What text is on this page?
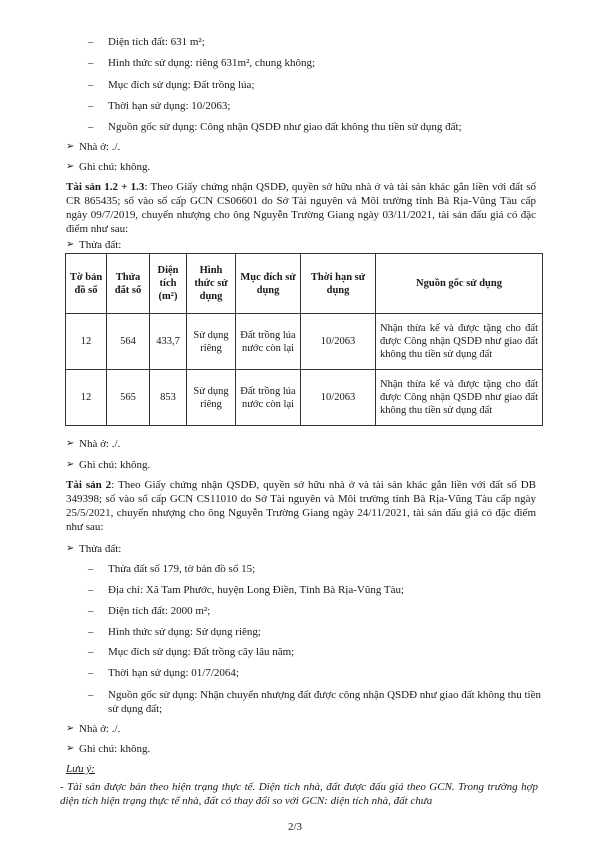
– Diện tích đất: 631 m²;
– Hình thức sử dụng: riêng 631m², chung không;
– Mục đích sử dụng: Đất trồng lúa;
– Thời hạn sử dụng: 10/2063;
– Nguồn gốc sử dụng: Công nhận QSDĐ như giao đất không thu tiền sử dụng đất;
➢ Nhà ở: ./.
➢ Ghi chú: không.
Tài sản 1.2 + 1.3: Theo Giấy chứng nhận QSDĐ, quyền sở hữu nhà ở và tài sản khác gắn liền với đất số CR 865435; số vào sổ cấp GCN CS06601 do Sở Tài nguyên và Môi trường tỉnh Bà Rịa-Vũng Tàu cấp ngày 09/7/2019, chuyển nhượng cho ông Nguyễn Trường Giang ngày 03/11/2021, tài sản đấu giá có đặc điểm như sau:
➢ Thửa đất:
Tờ bản đồ số	Thửa đất số	Diện tích (m²)	Hình thức sử dụng	Mục đích sử dụng	Thời hạn sử dụng	Nguồn gốc sử dụng
12	564	433,7	Sử dụng riêng	Đất trồng lúa nước còn lại	10/2063	Nhận thừa kế và được tặng cho đất được Công nhận QSDĐ như giao đất không thu tiền sử dụng đất
12	565	853	Sử dụng riêng	Đất trồng lúa nước còn lại	10/2063	Nhận thừa kế và được tặng cho đất được Công nhận QSDĐ như giao đất không thu tiền sử dụng đất
➢ Nhà ở: ./.
➢ Ghi chú: không.
Tài sản 2: Theo Giấy chứng nhận QSDĐ, quyền sở hữu nhà ở và tài sản khác gắn liền với đất số DB 349398; số vào sổ cấp GCN CS11010 do Sở Tài nguyên và Môi trường tỉnh Bà Rịa-Vũng Tàu cấp ngày 25/5/2021, chuyển nhượng cho ông Nguyễn Trường Giang ngày 24/11/2021, tài sản đấu giá có đặc điểm như sau:
➢ Thửa đất:
– Thửa đất số 179, tờ bản đồ số 15;
– Địa chỉ: Xã Tam Phước, huyện Long Điền, Tỉnh Bà Rịa-Vũng Tàu;
– Diện tích đất: 2000 m²;
– Hình thức sử dụng: Sử dụng riêng;
– Mục đích sử dụng: Đất trồng cây lâu năm;
– Thời hạn sử dụng: 01/7/2064;
– Nguồn gốc sử dụng: Nhận chuyển nhượng đất được công nhận QSDĐ như giao đất không thu tiền sử dụng đất;
➢ Nhà ở: ./.
➢ Ghi chú: không.
Lưu ý:
- Tài sản được bán theo hiện trạng thực tế. Diện tích nhà, đất được đấu giá theo GCN. Trong trường hợp diện tích hiện trạng thực tế nhà, đất có thay đổi so với GCN: diện tích nhà, đất chưa
2/3
